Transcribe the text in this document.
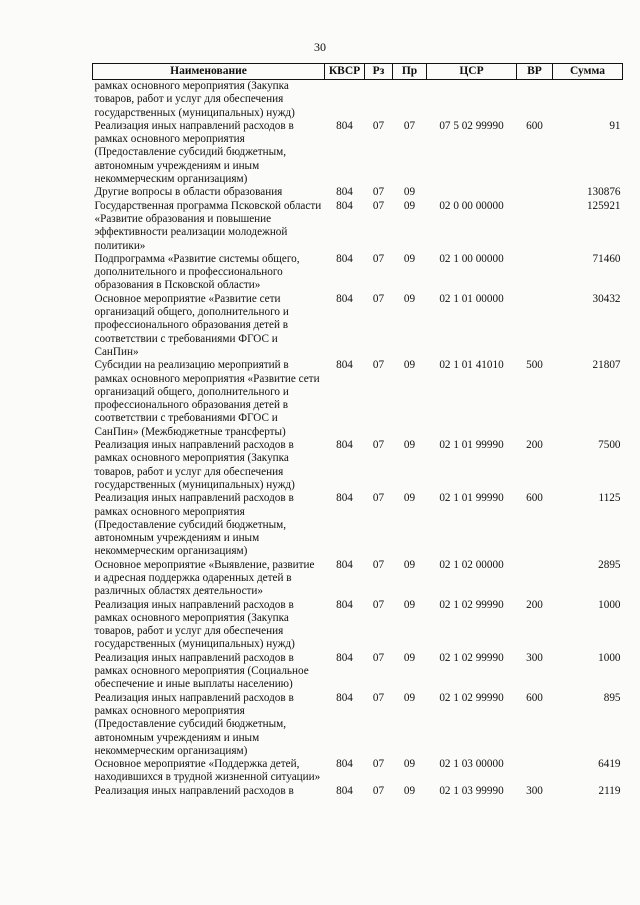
30
Наименование	КВСР	Рз	Пр	ЦСР	ВР	Сумма
рамках основного мероприятия (Закупка товаров, работ и услуг для обеспечения государственных (муниципальных) нужд)						
Реализация иных направлений расходов в рамках основного мероприятия (Предоставление субсидий бюджетным, автономным учреждениям и иным некоммерческим организациям)	804	07	07	07 5 02 99990	600	91
Другие вопросы в области образования	804	07	09			130876
Государственная программа Псковской области «Развитие образования и повышение эффективности реализации молодежной политики»	804	07	09	02 0 00 00000		125921
Подпрограмма «Развитие системы общего, дополнительного и профессионального образования в Псковской области»	804	07	09	02 1 00 00000		71460
Основное мероприятие «Развитие сети организаций общего, дополнительного и профессионального образования детей в соответствии с требованиями ФГОС и СанПин»	804	07	09	02 1 01 00000		30432
Субсидии на реализацию мероприятий в рамках основного мероприятия «Развитие сети организаций общего, дополнительного и профессионального образования детей в соответствии с требованиями ФГОС и СанПин» (Межбюджетные трансферты)	804	07	09	02 1 01 41010	500	21807
Реализация иных направлений расходов в рамках основного мероприятия (Закупка товаров, работ и услуг для обеспечения государственных (муниципальных) нужд)	804	07	09	02 1 01 99990	200	7500
Реализация иных направлений расходов в рамках основного мероприятия (Предоставление субсидий бюджетным, автономным учреждениям и иным некоммерческим организациям)	804	07	09	02 1 01 99990	600	1125
Основное мероприятие «Выявление, развитие и адресная поддержка одаренных детей в различных областях деятельности»	804	07	09	02 1 02 00000		2895
Реализация иных направлений расходов в рамках основного мероприятия (Закупка товаров, работ и услуг для обеспечения государственных (муниципальных) нужд)	804	07	09	02 1 02 99990	200	1000
Реализация иных направлений расходов в рамках основного мероприятия (Социальное обеспечение и иные выплаты населению)	804	07	09	02 1 02 99990	300	1000
Реализация иных направлений расходов в рамках основного мероприятия (Предоставление субсидий бюджетным, автономным учреждениям и иным некоммерческим организациям)	804	07	09	02 1 02 99990	600	895
Основное мероприятие «Поддержка детей, находившихся в трудной жизненной ситуации»	804	07	09	02 1 03 00000		6419
Реализация иных направлений расходов в	804	07	09	02 1 03 99990	300	2119
